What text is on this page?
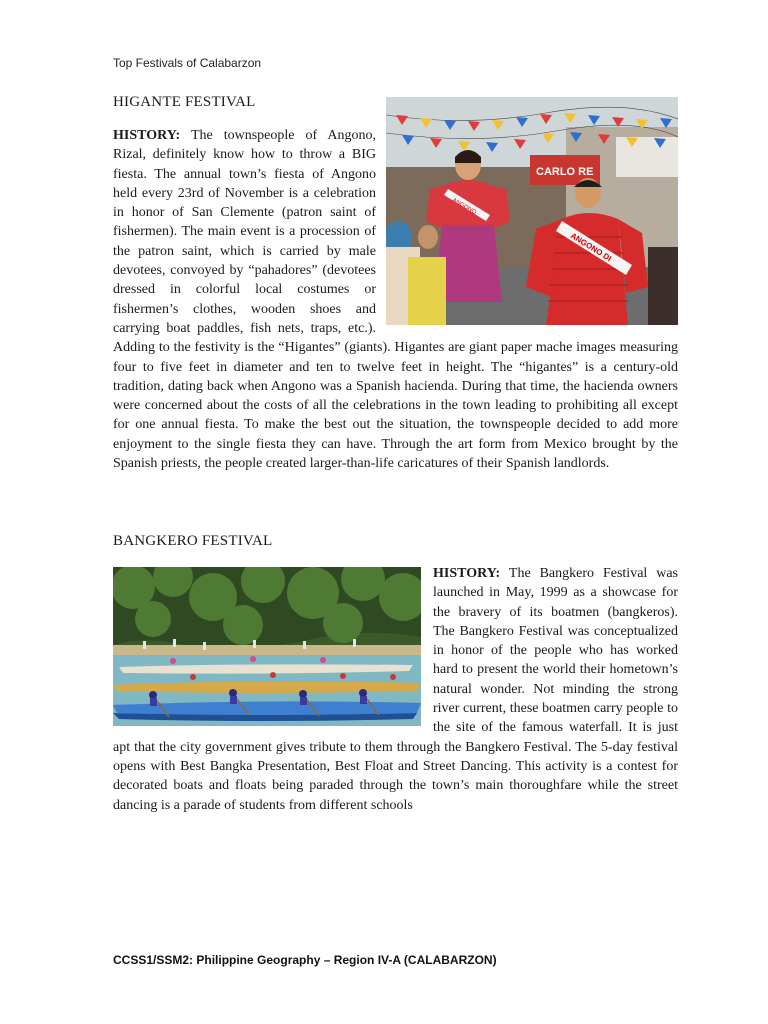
Top Festivals of Calabarzon
HIGANTE FESTIVAL
CARLO RE
ANGONO
ANGONO DI
HISTORY: The townspeople of Angono, Rizal, definitely know how to throw a BIG fiesta. The annual town’s fiesta of Angono held every 23rd of November is a celebration in honor of San Clemente (patron saint of fishermen). The main event is a procession of the patron saint, which is carried by male devotees, convoyed by “pahadores” (devotees dressed in colorful local costumes or fishermen’s clothes, wooden shoes and carrying boat paddles, fish nets, traps, etc.). Adding to the festivity is the “Higantes” (giants). Higantes are giant paper mache images measuring four to five feet in diameter and ten to twelve feet in height. The “higantes” is a century-old tradition, dating back when Angono was a Spanish hacienda. During that time, the hacienda owners were concerned about the costs of all the celebrations in the town leading to prohibiting all except for one annual fiesta. To make the best out the situation, the townspeople decided to add more enjoyment to the single fiesta they can have. Through the art form from Mexico brought by the Spanish priests, the people created larger-than-life caricatures of their Spanish landlords.
BANGKERO FESTIVAL
HISTORY:
The Bangkero Festival was launched in May, 1999 as a showcase for the bravery of its boatmen (bangkeros). The Bangkero Festival was conceptualized in honor of the people who has worked hard to present the world their hometown’s natural wonder. Not minding the strong river current, these boatmen carry people to the site of the famous waterfall. It is just apt that the city government gives tribute to them through the Bangkero Festival. The 5-day festival opens with Best Bangka Presentation, Best Float and Street Dancing. This activity is a contest for decorated boats and floats being paraded through the town’s main thoroughfare while the street dancing is a parade of students from different schools
CCSS1/SSM2: Philippine Geography – Region IV-A (CALABARZON)
